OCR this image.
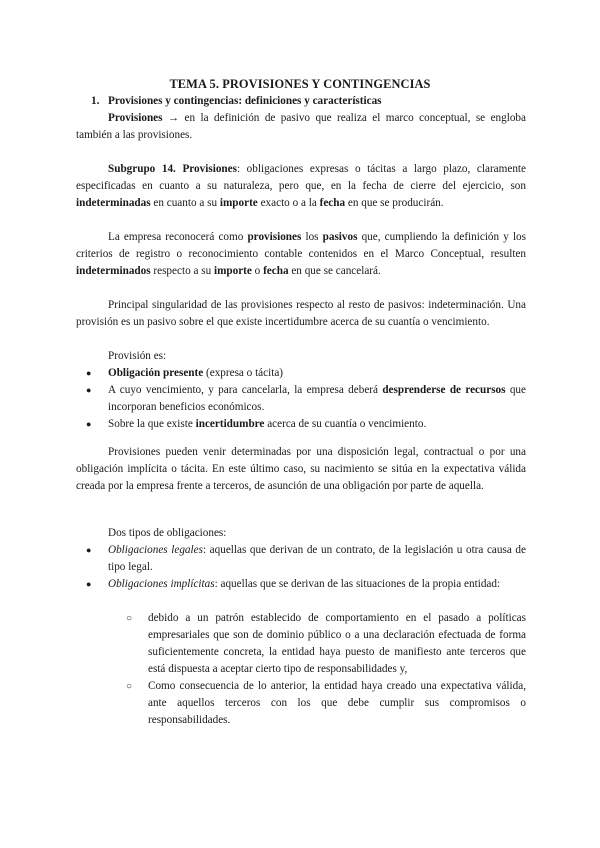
TEMA 5. PROVISIONES Y CONTINGENCIAS
1. Provisiones y contingencias: definiciones y características
Provisiones → en la definición de pasivo que realiza el marco conceptual, se engloba también a las provisiones.
Subgrupo 14. Provisiones: obligaciones expresas o tácitas a largo plazo, claramente especificadas en cuanto a su naturaleza, pero que, en la fecha de cierre del ejercicio, son indeterminadas en cuanto a su importe exacto o a la fecha en que se producirán.
La empresa reconocerá como provisiones los pasivos que, cumpliendo la definición y los criterios de registro o reconocimiento contable contenidos en el Marco Conceptual, resulten indeterminados respecto a su importe o fecha en que se cancelará.
Principal singularidad de las provisiones respecto al resto de pasivos: indeterminación. Una provisión es un pasivo sobre el que existe incertidumbre acerca de su cuantía o vencimiento.
Provisión es:
●	Obligación presente (expresa o tácita)
●	A cuyo vencimiento, y para cancelarla, la empresa deberá desprenderse de recursos que incorporan beneficios económicos.
●	Sobre la que existe incertidumbre acerca de su cuantía o vencimiento.
Provisiones pueden venir determinadas por una disposición legal, contractual o por una obligación implícita o tácita. En este último caso, su nacimiento se sitúa en la expectativa válida creada por la empresa frente a terceros, de asunción de una obligación por parte de aquella.
Dos tipos de obligaciones:
●	Obligaciones legales: aquellas que derivan de un contrato, de la legislación u otra causa de tipo legal.
●	Obligaciones implícitas: aquellas que se derivan de las situaciones de la propia entidad:
○	debido a un patrón establecido de comportamiento en el pasado a políticas empresariales que son de dominio público o a una declaración efectuada de forma suficientemente concreta, la entidad haya puesto de manifiesto ante terceros que está dispuesta a aceptar cierto tipo de responsabilidades y,
○	Como consecuencia de lo anterior, la entidad haya creado una expectativa válida, ante aquellos terceros con los que debe cumplir sus compromisos o responsabilidades.
